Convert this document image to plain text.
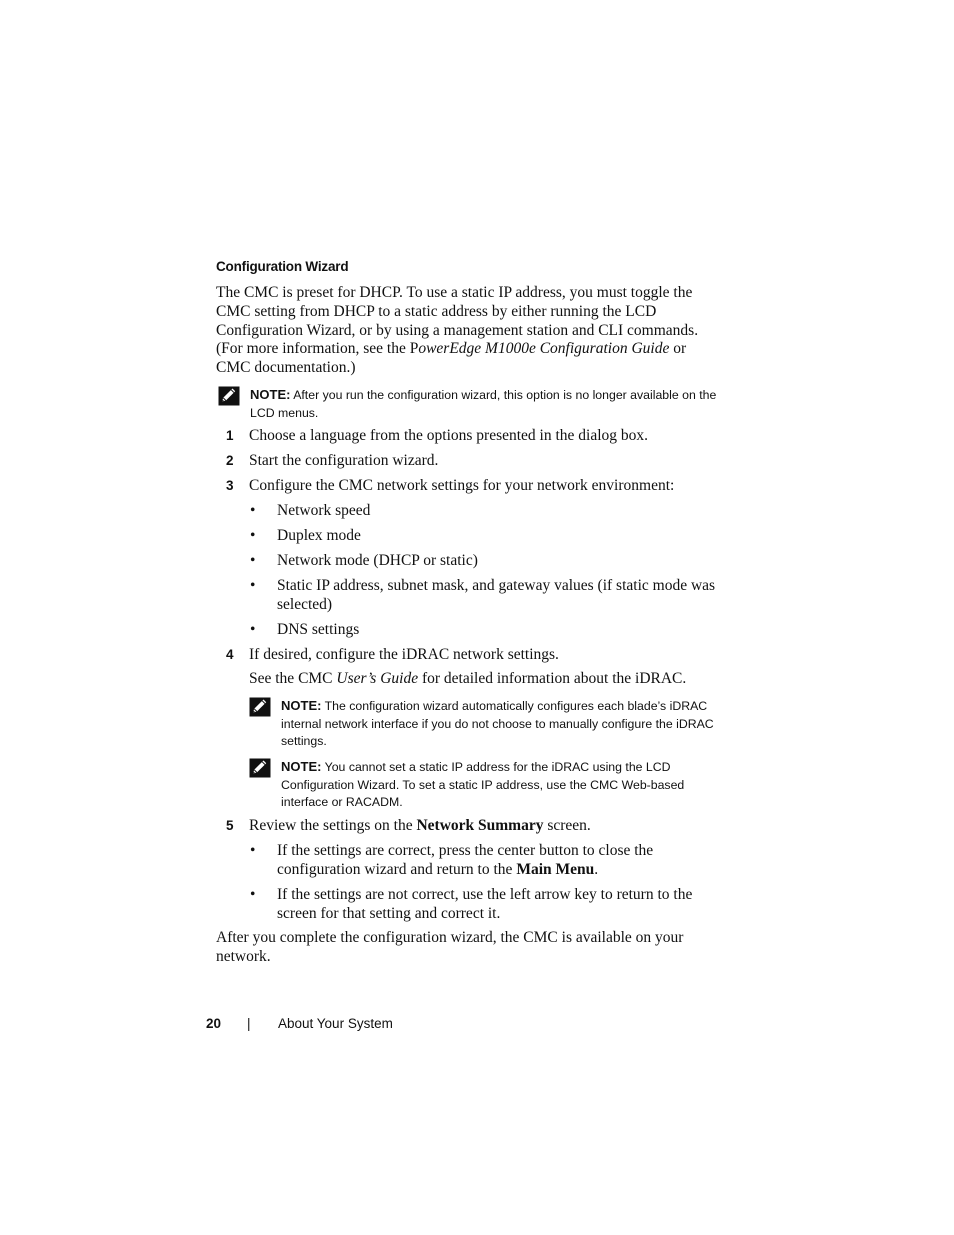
Configuration Wizard
The CMC is preset for DHCP. To use a static IP address, you must toggle the CMC setting from DHCP to a static address by either running the LCD Configuration Wizard, or by using a management station and CLI commands. (For more information, see the PowerEdge M1000e Configuration Guide or CMC documentation.)
NOTE: After you run the configuration wizard, this option is no longer available on the LCD menus.
1 Choose a language from the options presented in the dialog box.
2 Start the configuration wizard.
3 Configure the CMC network settings for your network environment:
•	Network speed
•	Duplex mode
•	Network mode (DHCP or static)
•	Static IP address, subnet mask, and gateway values (if static mode was selected)
•	DNS settings
4 If desired, configure the iDRAC network settings.
See the CMC User’s Guide for detailed information about the iDRAC.
NOTE: The configuration wizard automatically configures each blade’s iDRAC internal network interface if you do not choose to manually configure the iDRAC settings.
NOTE: You cannot set a static IP address for the iDRAC using the LCD Configuration Wizard. To set a static IP address, use the CMC Web-based interface or RACADM.
5 Review the settings on the Network Summary screen.
•	If the settings are correct, press the center button to close the configuration wizard and return to the Main Menu.
•	If the settings are not correct, use the left arrow key to return to the screen for that setting and correct it.
After you complete the configuration wizard, the CMC is available on your network.
20 | About Your System
